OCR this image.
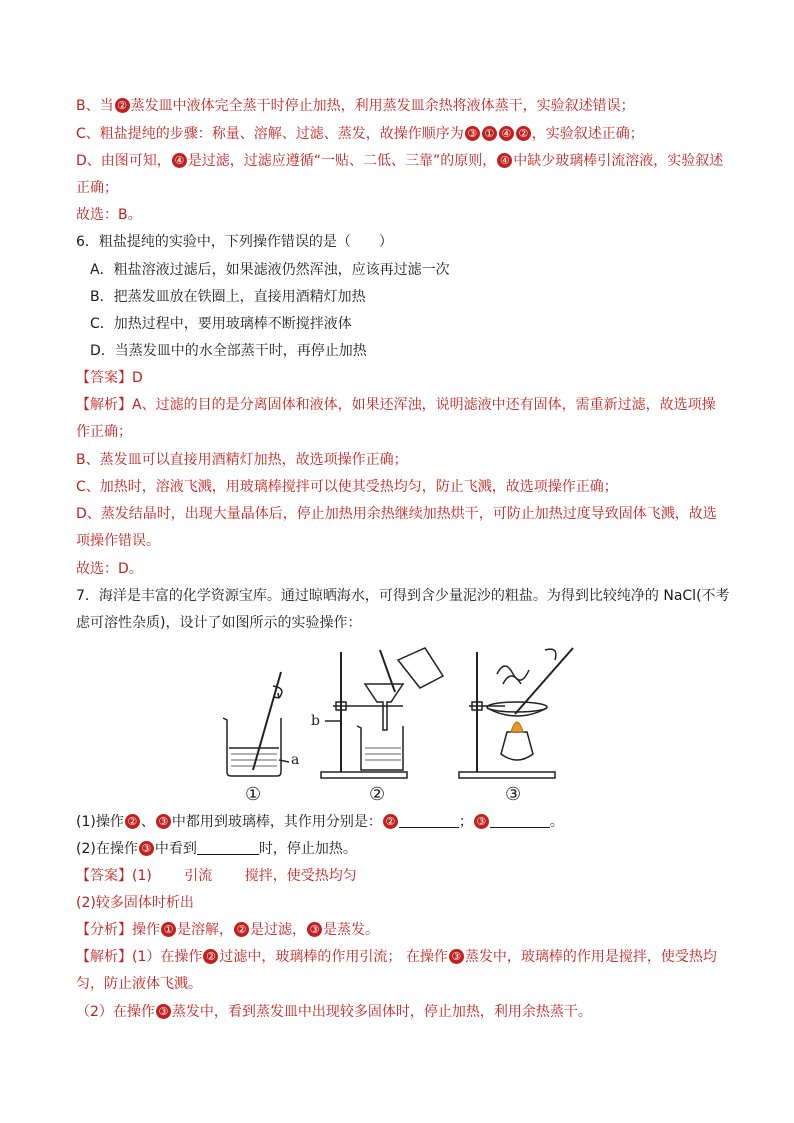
B、当 ② 蒸发皿中液体完全蒸干时停止加热，利用蒸发皿余热将液体蒸干，实验叙述错误；
C、粗盐提纯的步骤：称量、溶解、过滤、蒸发，故操作顺序为 ③ ① ④ ② ，实验叙述正确；
D、由图可知， ④ 是过滤，过滤应遵循“一贴、二低、三靠”的原则， ④ 中缺少玻璃棒引流溶液，实验叙述
正确；
故选：B。
6．粗盐提纯的实验中，下列操作错误的是（　　）
A．粗盐溶液过滤后，如果滤液仍然浑浊，应该再过滤一次
B．把蒸发皿放在铁圈上，直接用酒精灯加热
C．加热过程中，要用玻璃棒不断搅拌液体
D．当蒸发皿中的水全部蒸干时，再停止加热
【答案】D
【解析】A、过滤的目的是分离固体和液体，如果还浑浊，说明滤液中还有固体，需重新过滤，故选项操
作正确；
B、蒸发皿可以直接用酒精灯加热，故选项操作正确；
C、加热时，溶液飞溅，用玻璃棒搅拌可以使其受热均匀，防止飞溅，故选项操作正确；
D、蒸发结晶时，出现大量晶体后，停止加热用余热继续加热烘干，可防止加热过度导致固体飞溅，故选
项操作错误。
故选：D。
7．海洋是丰富的化学资源宝库。通过晾晒海水，可得到含少量泥沙的粗盐。为得到比较纯净的 NaCl(不考
虑可溶性杂质)，设计了如图所示的实验操作：
①	②	③
a
b
(1)操作 ② 、 ③ 中都用到玻璃棒，其作用分别是： ②	； ③	。
(2)在操作 ③ 中看到	时，停止加热。
【答案】(1)　　 引流　　 搅拌，使受热均匀
(2)较多固体时析出
【分析】操作 ① 是溶解， ② 是过滤， ③ 是蒸发。
【解析】(1）在操作 ② 过滤中，玻璃棒的作用引流； 在操作 ③ 蒸发中，玻璃棒的作用是搅拌，使受热均
匀，防止液体飞溅。
（2）在操作 ③ 蒸发中，看到蒸发皿中出现较多固体时，停止加热，利用余热蒸干。
